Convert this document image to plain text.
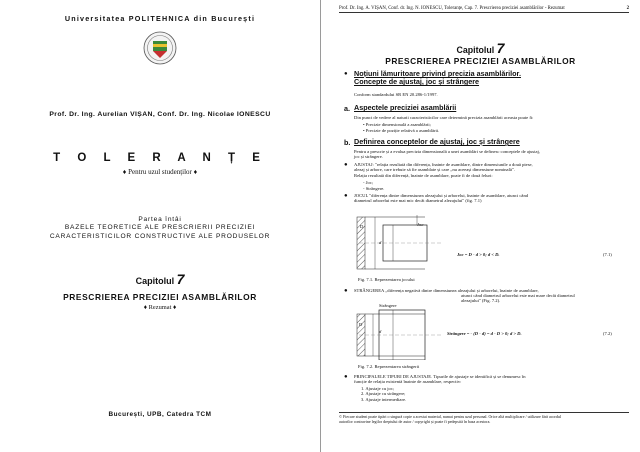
Universitatea POLITEHNICA din București
Prof. Dr. Ing. Aurelian VIȘAN, Conf. Dr. Ing. Nicolae IONESCU
T O L E R A N Ț E
♦ Pentru uzul studenților ♦
Partea întâi
BAZELE TEORETICE ALE PRESCRIERII PRECIZIEI
CARACTERISTICILOR CONSTRUCTIVE ALE PRODUSELOR
Capitolul 7
PRESCRIEREA PRECIZIEI ASAMBLĂRILOR
♦ Rezumat ♦
București, UPB, Catedra TCM
Prof. Dr. Ing. A. VIȘAN, Conf. dr. Ing. N. IONESCU, Toleranțe, Cap. 7. Prescrierea preciziei asamblărilor - Rezumat	2
Capitolul 7
PRESCRIEREA PRECIZIEI ASAMBLĂRILOR
● Noțiuni lămuritoare privind precizia asamblărilor.
Concepte de ajustaj, joc și strângere
Conform standardului SR EN 20.286-1/1997.
a. Aspectele preciziei asamblării
Din punct de vedere al naturii caracteristicilor care determină precizia asamblării aceasta poate fi:
• Precizie dimensională a asamblării;
• Precizie de poziție relativă a asamblării.
b. Definirea conceptelor de ajustaj, joc și strângere
Pentru a prescrie și a evalua precizia dimensională a unei asamblări se definesc conceptele de ajustaj,
joc și strângere.
● AJUSTAJ: "relația rezultată din diferența, înainte de asamblare, dintre dimensiunile a două piese,
alezaj și arbore, care trebuie să fie asamblate și care „nu aceeași dimensiune nominală".
Relația rezultată din diferență, înainte de asamblare, poate fi de două feluri:
- Joc;
- Strângere.
● JOCUL "diferența dintre dimensiunea alezajului și arborelui, înainte de asamblare, atunci când
diametrul arborelui este mai mic decât diametrul alezajului" (fig. 7.1)
D
d
Joc
Joc = D - d > 0; d < D.	(7.1)
Fig. 7.1. Reprezentarea jocului
● STRÂNGEREA „diferența negativă dintre dimensiunea alezajului și arborelui, înainte de asamblare,
atunci când diametrul arborelui este mai mare decât diametrul
alezajului" (Fig. 7.2).
Strângere
D
d	Strângere = - (D - d) = d - D > 0; d > D.	(7.2)
Fig. 7.2. Reprezentarea strângerii
● PRINCIPALELE TIPURI DE AJUSTAJE. Tipurile de ajustaje se identifică și se denumesc în
funcție de relația existentă înainte de asamblare, respectiv:
1. Ajustaje cu joc;
2. Ajustaje cu strângere;
3. Ajustaje intermediare.
© Fiecare student poate tipări o singură copie a acestui material, numai pentru uzul personal. Orice altă multiplicare / utilizare fără acordul
autorilor contravine legilor dreptului de autor / copyright și poate fi pedepsită în baza acestora.
